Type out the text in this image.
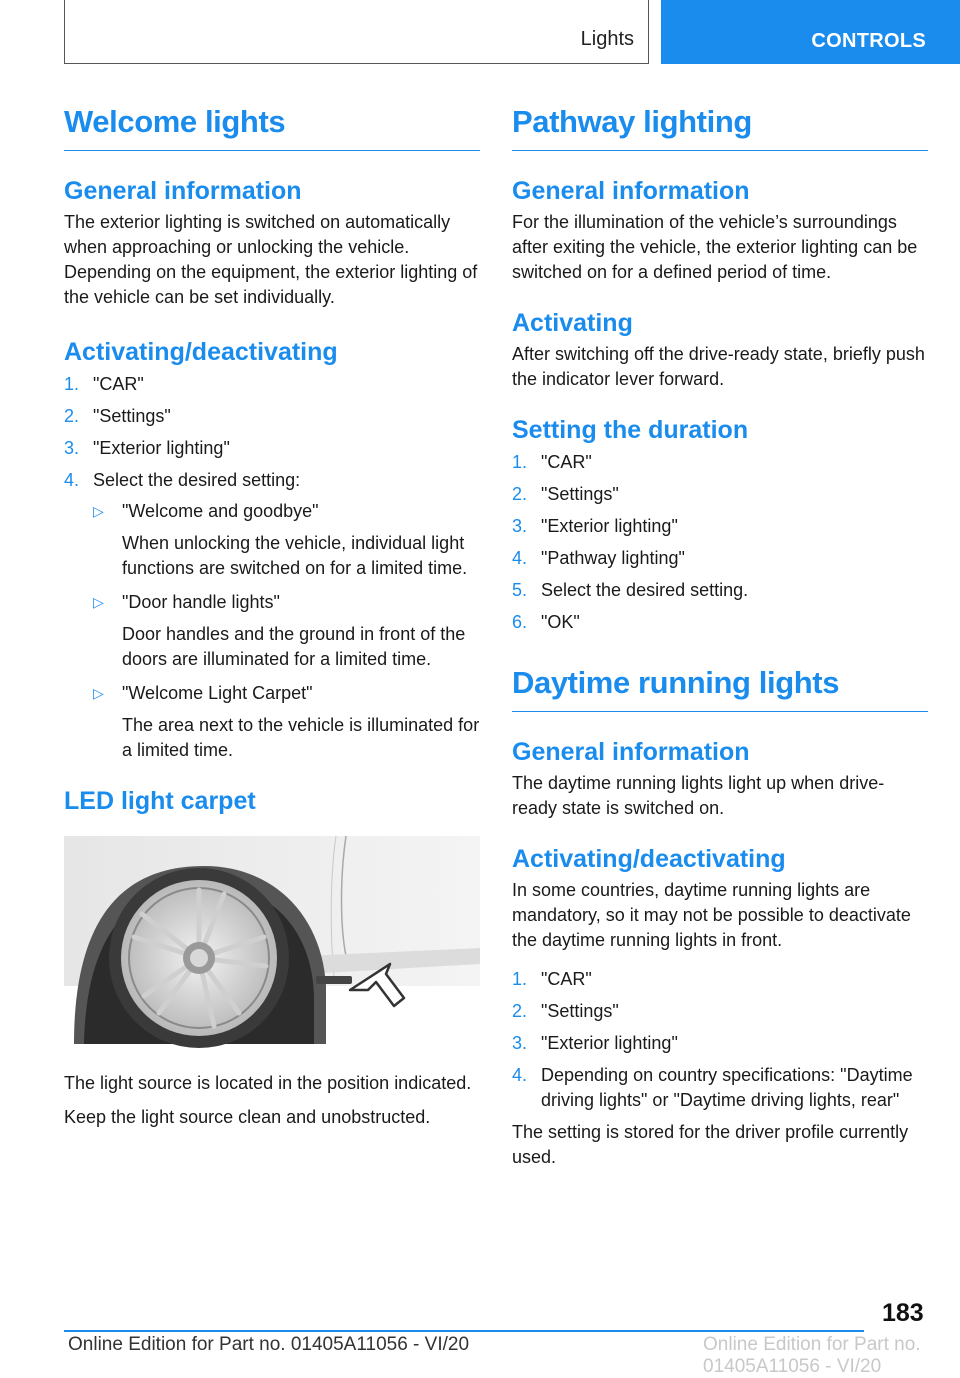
Lights	CONTROLS
Welcome lights
General information

The exterior lighting is switched on automatically when approaching or unlocking the vehicle. Depending on the equipment, the exterior lighting of the vehicle can be set individually.

Activating/deactivating
1. "CAR"
2. "Settings"
3. "Exterior lighting"
4. Select the desired setting:
▷ "Welcome and goodbye"
When unlocking the vehicle, individual light functions are switched on for a limited time.
▷ "Door handle lights"
Door handles and the ground in front of the doors are illuminated for a limited time.
▷ "Welcome Light Carpet"
The area next to the vehicle is illuminated for a limited time.
LED light carpet

The light source is located in the position indicated.

Keep the light source clean and unobstructed.

Pathway lighting
General information

For the illumination of the vehicle’s surroundings after exiting the vehicle, the exterior lighting can be switched on for a defined period of time.

Activating

After switching off the drive-ready state, briefly push the indicator lever forward.

Setting the duration
1. "CAR"
2. "Settings"
3. "Exterior lighting"
4. "Pathway lighting"
5. Select the desired setting.
6. "OK"
Daytime running lights
General information

The daytime running lights light up when drive-ready state is switched on.

Activating/deactivating

In some countries, daytime running lights are mandatory, so it may not be possible to deactivate the daytime running lights in front.

1. "CAR"
2. "Settings"
3. "Exterior lighting"
4. Depending on country specifications: "Daytime driving lights" or "Daytime driving lights, rear"

The setting is stored for the driver profile currently used.

183
Online Edition for Part no. 01405A11056 - VI/20	Online Edition for Part no. 01405A11056 - VI/20
